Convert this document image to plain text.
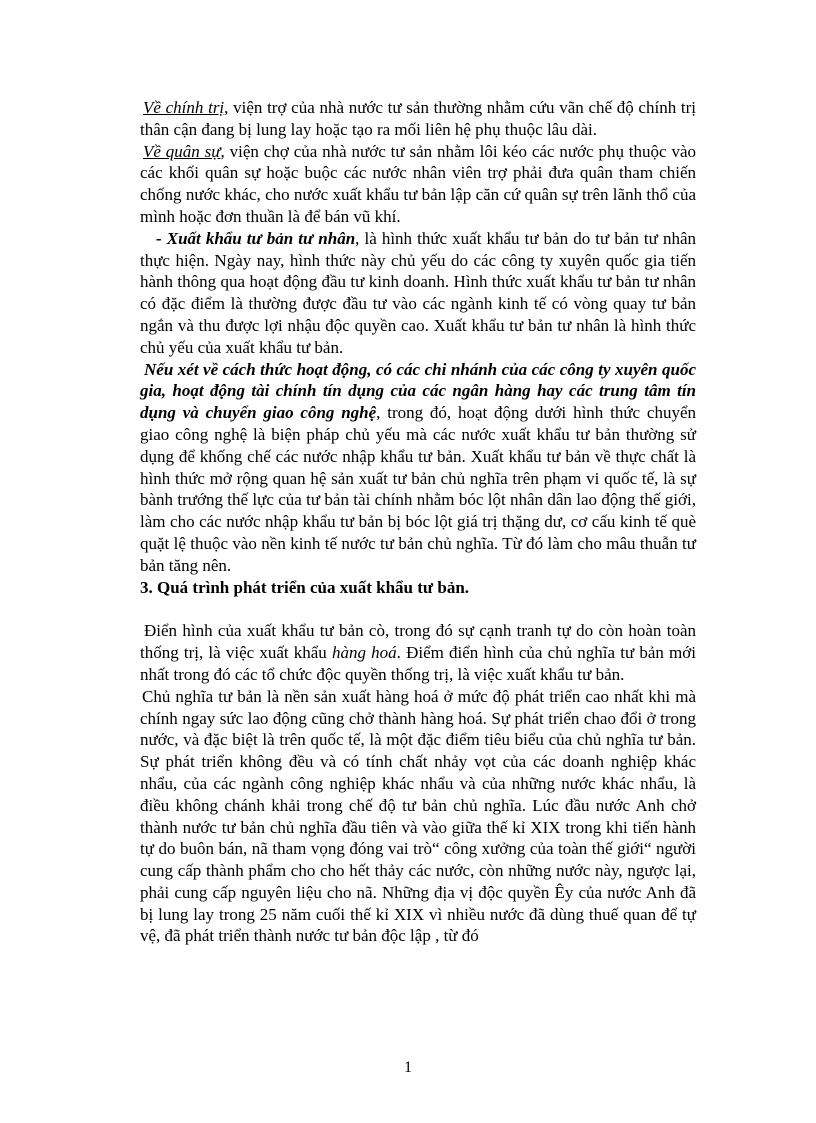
Về chính trị, viện trợ của nhà nước tư sản thường nhằm cứu vãn chế độ chính trị thân cận đang bị lung lay hoặc tạo ra mối liên hệ phụ thuộc lâu dài.

Về quân sự, viện chợ của nhà nước tư sản nhằm lôi kéo các nước phụ thuộc vào các khối quân sự hoặc buộc các nước nhân viên trợ phải đưa quân tham chiến chống nước khác, cho nước xuất khẩu tư bản lập căn cứ quân sự trên lãnh thổ của mình hoặc đơn thuần là để bán vũ khí.

- Xuất khẩu tư bản tư nhân, là hình thức xuất khẩu tư bản do tư bản tư nhân thực hiện. Ngày nay, hình thức này chủ yếu do các công ty xuyên quốc gia tiến hành thông qua hoạt động đầu tư kinh doanh. Hình thức xuất khẩu tư bản tư nhân có đặc điểm là thường được đầu tư vào các ngành kinh tế có vòng quay tư bản ngắn và thu được lợi nhậu độc quyền cao. Xuất khẩu tư bản tư nhân là hình thức chủ yếu của xuất khẩu tư bản.

Nếu xét về cách thức hoạt động, có các chi nhánh của các công ty xuyên quốc gia, hoạt động tài chính tín dụng của các ngân hàng hay các trung tâm tín dụng và chuyển giao công nghệ, trong đó, hoạt động dưới hình thức chuyển giao công nghệ là biện pháp chủ yếu mà các nước xuất khẩu tư bản thường sử dụng để khống chế các nước nhập khẩu tư bản. Xuất khẩu tư bản về thực chất là hình thức mở rộng quan hệ sản xuất tư bản chủ nghĩa trên phạm vi quốc tế, là sự bành trướng thế lực của tư bản tài chính nhằm bóc lột nhân dân lao động thế giới, làm cho các nước nhập khẩu tư bản bị bóc lột giá trị thặng dư, cơ cấu kinh tế què quặt lệ thuộc vào nền kinh tế nước tư bản chủ nghĩa. Từ đó làm cho mâu thuẫn tư bản tăng nên.

3. Quá trình phát triển của xuất khẩu tư bản.

Điển hình của xuất khẩu tư bản cò, trong đó sự cạnh tranh tự do còn hoàn toàn thống trị, là việc xuất khẩu hàng hoá. Điểm điển hình của chủ nghĩa tư bản mới nhất trong đó các tổ chức độc quyền thống trị, là việc xuất khẩu tư bản.

Chủ nghĩa tư bản là nền sản xuất hàng hoá ở mức độ phát triển cao nhất khi mà chính ngay sức lao động cũng chở thành hàng hoá. Sự phát triển chao đổi ở trong nước, và đặc biệt là trên quốc tế, là một đặc điểm tiêu biểu của chủ nghĩa tư bản. Sự phát triển không đều và có tính chất nhảy vọt của các doanh nghiệp khác nhẩu, của các ngành công nghiệp khác nhẩu và của những nước khác nhẩu, là điều không chánh khải trong chế độ tư bản chủ nghĩa. Lúc đầu nước Anh chở thành nước tư bản chủ nghĩa đầu tiên và vào giữa thế kỉ XIX trong khi tiến hành tự do buôn bán, nã tham vọng đóng vai trò“ công xưởng của toàn thế giới“ người cung cấp thành phẩm cho cho hết thảy các nước, còn những nước này, ngược lại, phải cung cấp nguyên liệu cho nã. Những địa vị độc quyền Êy của nước Anh đã bị lung lay trong 25 năm cuối thế kỉ XIX vì nhiều nước đã dùng thuế quan để tự vệ, đã phát triển thành nước tư bản độc lập , từ đó

1
